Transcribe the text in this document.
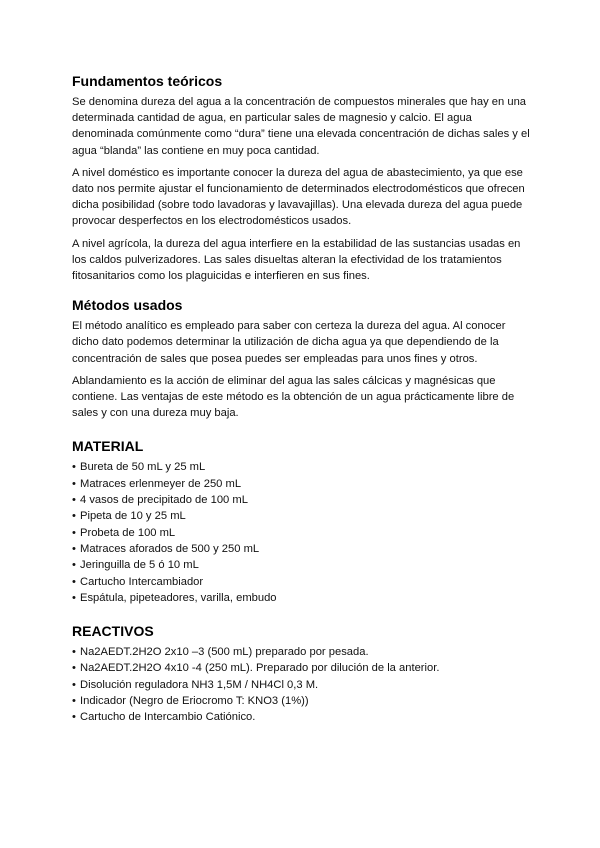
Fundamentos teóricos

Se denomina dureza del agua a la concentración de compuestos minerales que hay en una determinada cantidad de agua, en particular sales de magnesio y calcio. El agua denominada comúnmente como “dura” tiene una elevada concentración de dichas sales y el agua “blanda” las contiene en muy poca cantidad.

A nivel doméstico es importante conocer la dureza del agua de abastecimiento, ya que ese dato nos permite ajustar el funcionamiento de determinados electrodomésticos que ofrecen dicha posibilidad (sobre todo lavadoras y lavavajillas). Una elevada dureza del agua puede provocar desperfectos en los electrodomésticos usados.

A nivel agrícola, la dureza del agua interfiere en la estabilidad de las sustancias usadas en los caldos pulverizadores. Las sales disueltas alteran la efectividad de los tratamientos fitosanitarios como los plaguicidas e interfieren en sus fines.

Métodos usados

El método analítico es empleado para saber con certeza la dureza del agua. Al conocer dicho dato podemos determinar la utilización de dicha agua ya que dependiendo de la concentración de sales que posea puedes ser empleadas para unos fines y otros.

Ablandamiento es la acción de eliminar del agua las sales cálcicas y magnésicas que contiene. Las ventajas de este método es la obtención de un agua prácticamente libre de sales y con una dureza muy baja.

MATERIAL
• Bureta de 50 mL y 25 mL
• Matraces erlenmeyer de 250 mL
• 4 vasos de precipitado de 100 mL
• Pipeta de 10 y 25 mL
• Probeta de 100 mL
• Matraces aforados de 500 y 250 mL
• Jeringuilla de 5 ó 10 mL
• Cartucho Intercambiador
• Espátula, pipeteadores, varilla, embudo
REACTIVOS
• Na2AEDT.2H2O 2x10 –3 (500 mL) preparado por pesada.
• Na2AEDT.2H2O 4x10 -4 (250 mL). Preparado por dilución de la anterior.
• Disolución reguladora NH3 1,5M / NH4Cl 0,3 M.
• Indicador (Negro de Eriocromo T: KNO3 (1%))
• Cartucho de Intercambio Catiónico.
